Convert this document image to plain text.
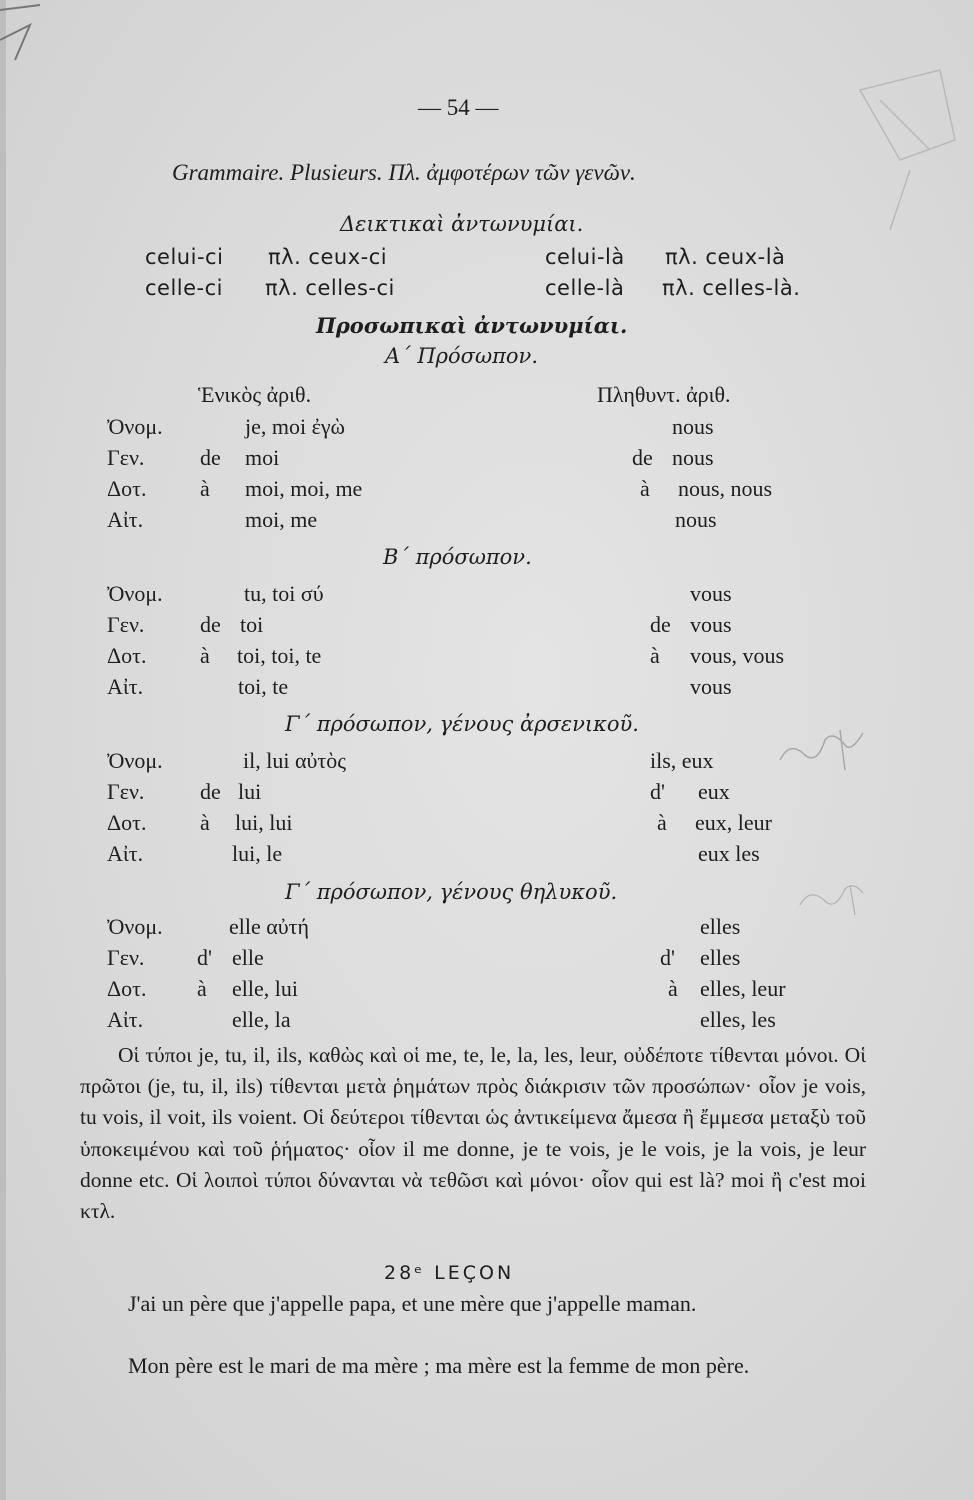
— 54 —
Grammaire. Plusieurs. Πλ. ἀμφοτέρων τῶν γενῶν.
Δεικτικαὶ ἀντωνυμίαι.
celui-ci πλ. ceux-ci	celui-là πλ. ceux-là
celle-ci πλ. celles-ci	celle-là πλ. celles-là.
Προσωπικαὶ ἀντωνυμίαι.
Α΄ Πρόσωπον.
Ἑνικὸς ἀριθ.	Πληθυντ. ἀριθ.
Ὀνομ.	je, moi ἐγὼ	nous
Γεν.	de moi	de nous
Δοτ. à moi, moi, me	à nous, nous
Αἰτ.	moi, me	nous
Β΄ πρόσωπον.
Ὀνομ.	tu, toi σύ	vous
Γεν.	de toi	de vous
Δοτ. à toi, toi, te	à vous, vous
Αἰτ.	toi, te	vous
Γ΄ πρόσωπον, γένους ἀρσενικοῦ.
Ὀνομ.	il, lui αὐτὸς	ils, eux
Γεν.	de lui	d' eux
Δοτ. à lui, lui	à eux, leur
Αἰτ.	lui, le	eux les
Γ΄ πρόσωπον, γένους θηλυκοῦ.
Ὀνομ.	elle αὐτή	elles
Γεν. d' elle	d' elles
Δοτ. à elle, lui	à elles, leur
Αἰτ.	elle, la	elles, les
Οἱ τύποι je, tu, il, ils, καθὼς καὶ οἱ me, te, le, la, les, leur, οὐδέποτε τίθενται μόνοι. Οἱ πρῶτοι (je, tu, il, ils) τίθενται μετὰ ῥημάτων πρὸς διάκρισιν τῶν προσώπων· οἷον je vois, tu vois, il voit, ils voient. Οἱ δεύτεροι τίθενται ὡς ἀντικείμενα ἄμεσα ἢ ἔμμεσα μεταξὺ τοῦ ὑποκειμένου καὶ τοῦ ῥήματος· οἷον il me donne, je te vois, je le vois, je la vois, je leur donne etc. Οἱ λοιποὶ τύποι δύνανται νὰ τεθῶσι καὶ μόνοι· οἷον qui est là? moi ἢ c'est moi κτλ.
28ᵉ LEÇON
J'ai un père que j'appelle papa, et une mère que j'appelle maman.
Mon père est le mari de ma mère ; ma mère est la femme de mon père.
